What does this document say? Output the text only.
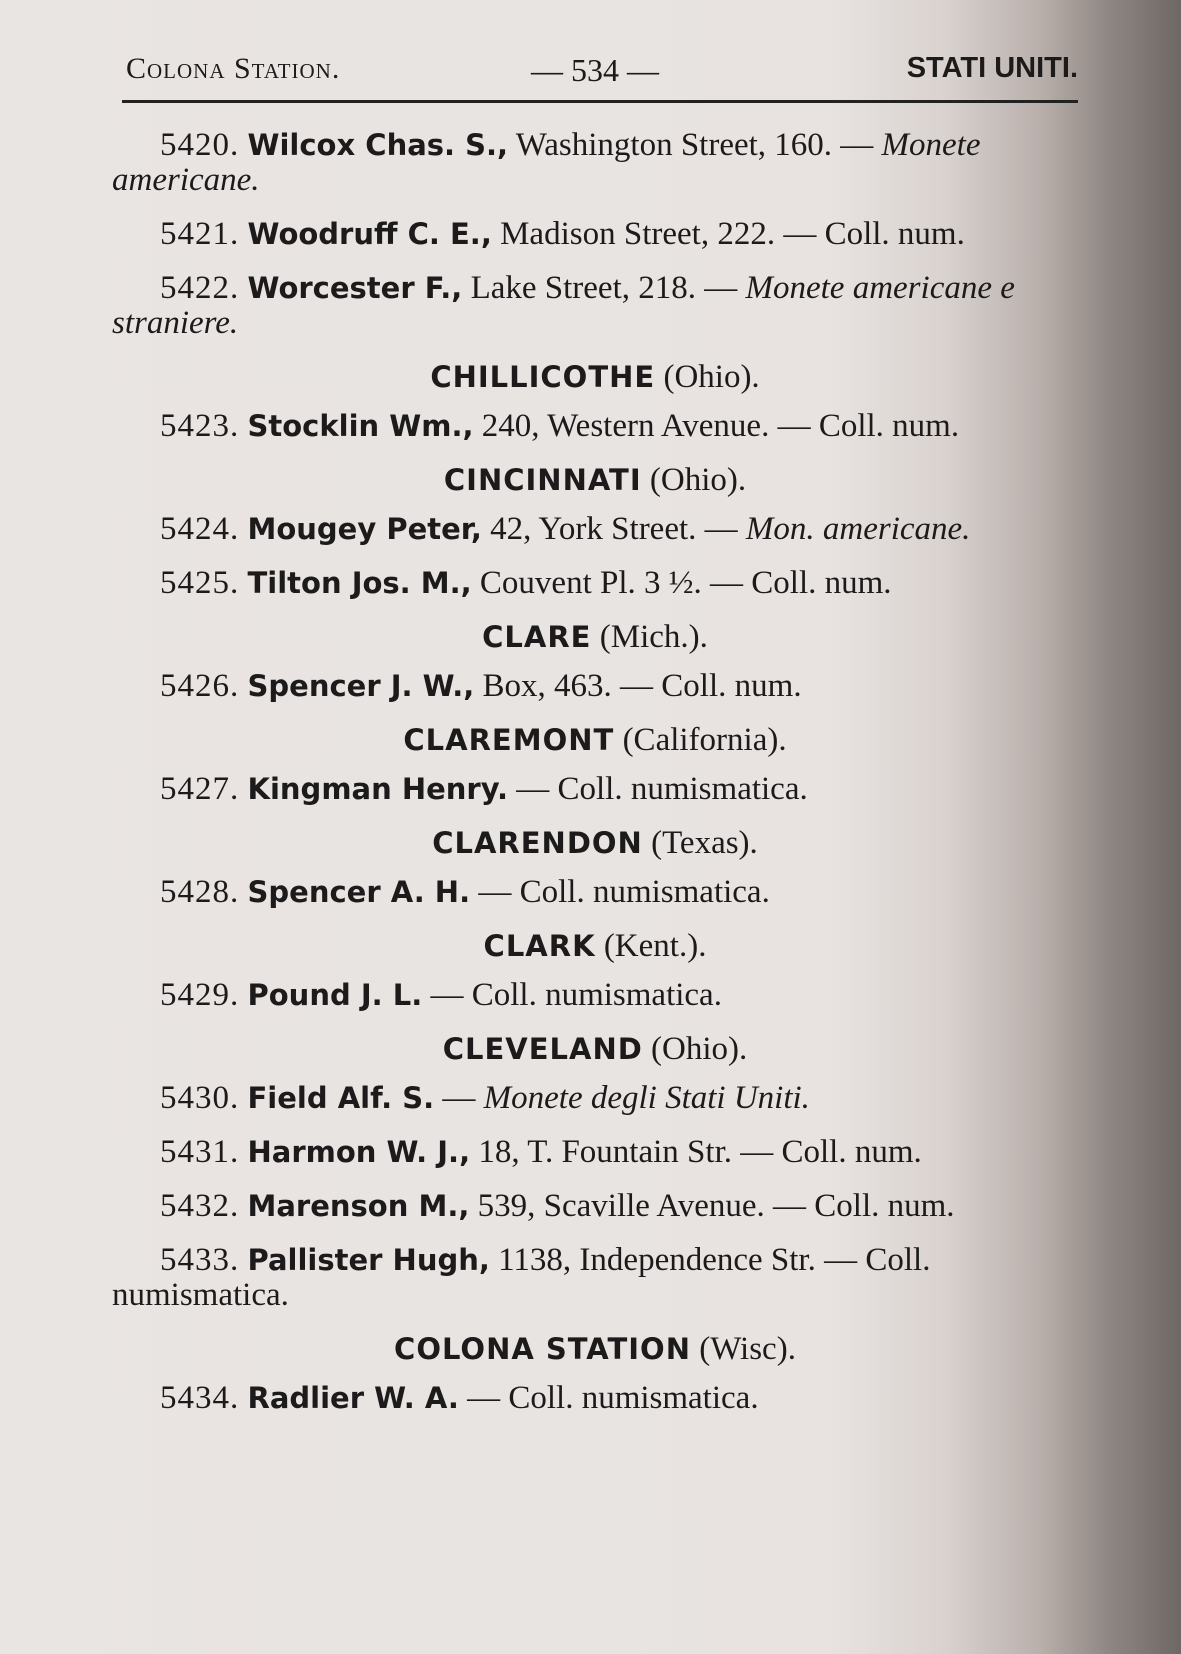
Colona Station.	— 534 —	STATI UNITI.

5420. Wilcox Chas. S., Washington Street, 160. — Monete americane.

5421. Woodruff C. E., Madison Street, 222. — Coll. num.

5422. Worcester F., Lake Street, 218. — Monete americane e straniere.

CHILLICOTHE (Ohio).

5423. Stocklin Wm., 240, Western Avenue. — Coll. num.

CINCINNATI (Ohio).

5424. Mougey Peter, 42, York Street. — Mon. americane.

5425. Tilton Jos. M., Couvent Pl. 3 ½. — Coll. num.

CLARE (Mich.).

5426. Spencer J. W., Box, 463. — Coll. num.

CLAREMONT (California).

5427. Kingman Henry. — Coll. numismatica.

CLARENDON (Texas).

5428. Spencer A. H. — Coll. numismatica.

CLARK (Kent.).

5429. Pound J. L. — Coll. numismatica.

CLEVELAND (Ohio).

5430. Field Alf. S. — Monete degli Stati Uniti.

5431. Harmon W. J., 18, T. Fountain Str. — Coll. num.

5432. Marenson M., 539, Scaville Avenue. — Coll. num.

5433. Pallister Hugh, 1138, Independence Str. — Coll. numismatica.

COLONA STATION (Wisc).

5434. Radlier W. A. — Coll. numismatica.
